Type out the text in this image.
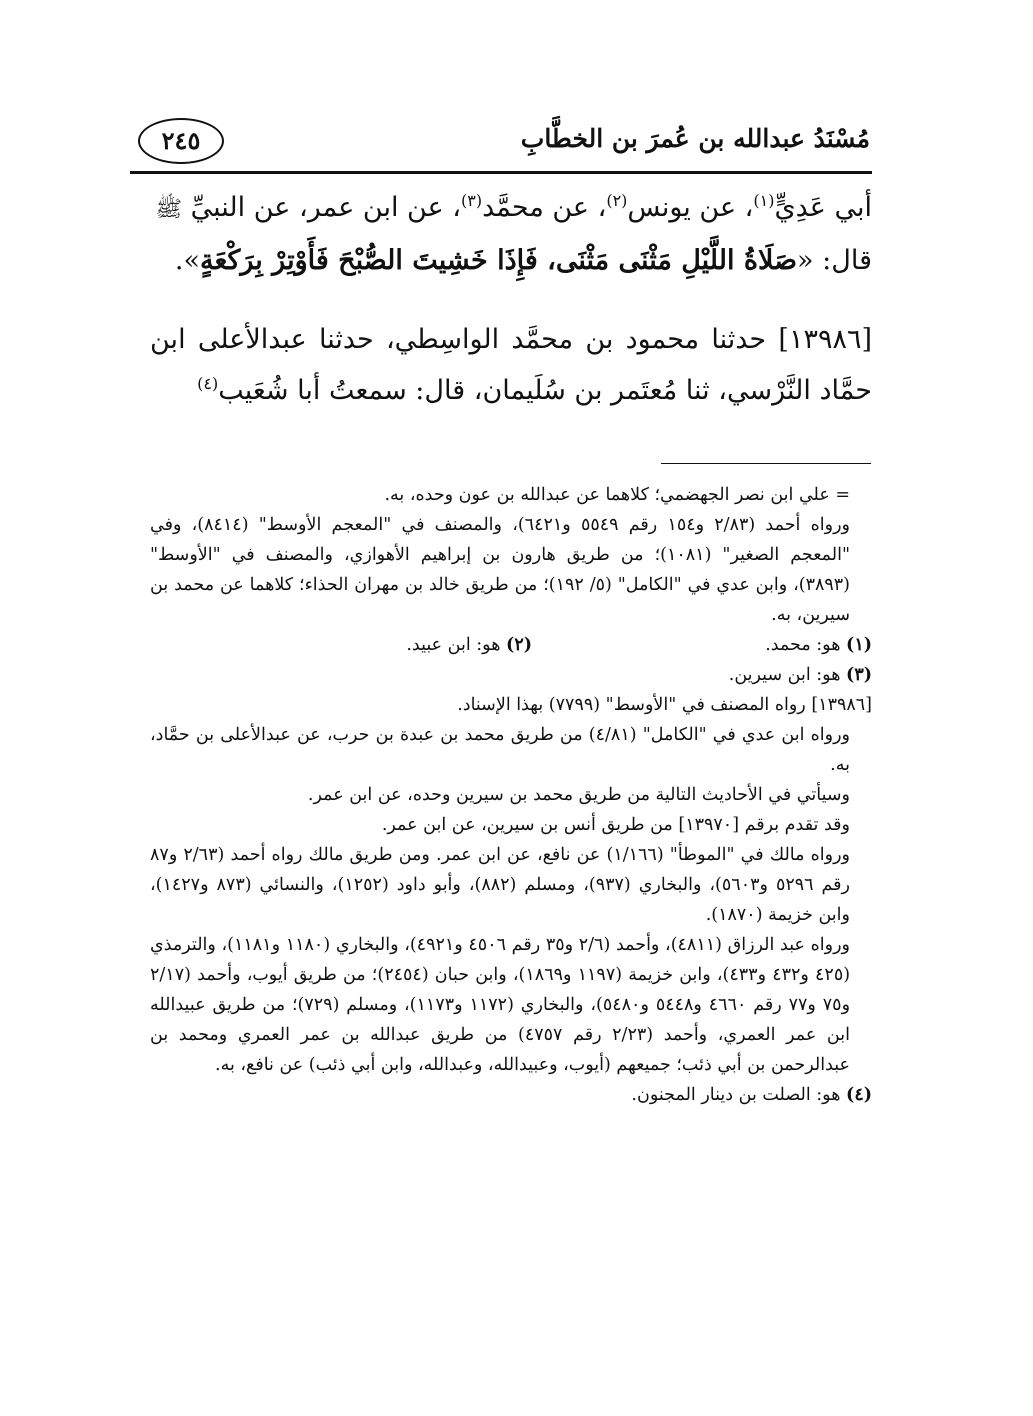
مُسْنَدُ عبدالله بن عُمرَ بن الخطَّابِ
٢٤٥

أبي عَدِيٍّ$^{(١)}$، عن يونس$^{(٢)}$، عن محمَّد$^{(٣)}$، عن ابن عمر، عن النبيِّ ﷺ

قال: «صَلَاةُ اللَّيْلِ مَثْنَى مَثْنَى، فَإِذَا خَشِيتَ الصُّبْحَ فَأَوْتِرْ بِرَكْعَةٍ».

[١٣٩٨٦] حدثنا محمود بن محمَّد الواسِطي، حدثنا عبدالأعلى ابن حمَّاد النَّرْسي، ثنا مُعتَمر بن سُلَيمان، قال: سمعتُ أبا شُعَيب$^{(٤)}$

= علي ابن نصر الجهضمي؛ كلاهما عن عبدالله بن عون وحده، به.

ورواه أحمد (٢/٨٣ و١٥٤ رقم ٥٥٤٩ و٦٤٢١)، والمصنف في "المعجم الأوسط" (٨٤١٤)، وفي "المعجم الصغير" (١٠٨١)؛ من طريق هارون بن إبراهيم الأهوازي، والمصنف في "الأوسط" (٣٨٩٣)، وابن عدي في "الكامل" (٥/ ١٩٢)؛ من طريق خالد بن مهران الحذاء؛ كلاهما عن محمد بن سيرين، به.

(١) هو: محمد.
(٢) هو: ابن عبيد.

(٣) هو: ابن سيرين.

[١٣٩٨٦] رواه المصنف في "الأوسط" (٧٧٩٩) بهذا الإسناد.

ورواه ابن عدي في "الكامل" (٤/٨١) من طريق محمد بن عبدة بن حرب، عن عبدالأعلى بن حمَّاد، به.

وسيأتي في الأحاديث التالية من طريق محمد بن سيرين وحده، عن ابن عمر.

وقد تقدم برقم [١٣٩٧٠] من طريق أنس بن سيرين، عن ابن عمر.

ورواه مالك في "الموطأ" (١/١٦٦) عن نافع، عن ابن عمر. ومن طريق مالك رواه أحمد (٢/٦٣ و٨٧ رقم ٥٢٩٦ و٥٦٠٣)، والبخاري (٩٣٧)، ومسلم (٨٨٢)، وأبو داود (١٢٥٢)، والنسائي (٨٧٣ و١٤٢٧)، وابن خزيمة (١٨٧٠).

ورواه عبد الرزاق (٤٨١١)، وأحمد (٢/٦ و٣٥ رقم ٤٥٠٦ و٤٩٢١)، والبخاري (١١٨٠ و١١٨١)، والترمذي (٤٢٥ و٤٣٢ و٤٣٣)، وابن خزيمة (١١٩٧ و١٨٦٩)، وابن حبان (٢٤٥٤)؛ من طريق أيوب، وأحمد (٢/١٧ و٧٥ و٧٧ رقم ٤٦٦٠ و٥٤٤٨ و٥٤٨٠)، والبخاري (١١٧٢ و١١٧٣)، ومسلم (٧٢٩)؛ من طريق عبيدالله ابن عمر العمري، وأحمد (٢/٢٣ رقم ٤٧٥٧) من طريق عبدالله بن عمر العمري ومحمد بن عبدالرحمن بن أبي ذئب؛ جميعهم (أيوب، وعبيدالله، وعبدالله، وابن أبي ذئب) عن نافع، به.

(٤) هو: الصلت بن دينار المجنون.
